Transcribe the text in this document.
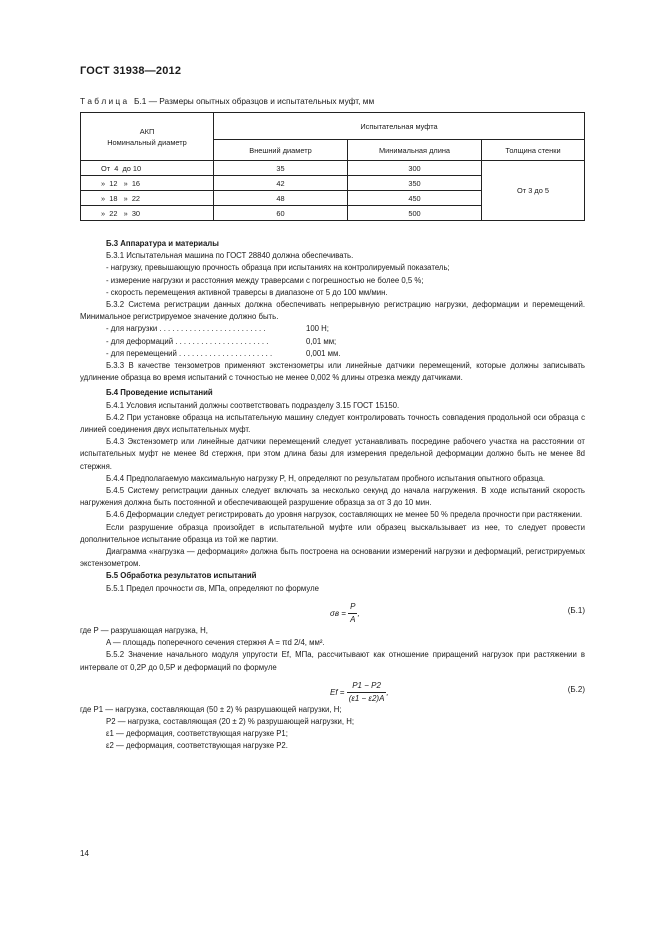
ГОСТ 31938—2012
Т а б л и ц а   Б.1 — Размеры опытных образцов и испытательных муфт, мм
АКП
Номинальный диаметр	Испытательная муфта		
	Внешний диаметр	Минимальная длина	Толщина стенки
От  4  до 10	35	300	От 3 до 5
»  12   »  16	42	350	
»  18   »  22	48	450	
»  22   »  30	60	500	

Б.3 Аппаратура и материалы

Б.3.1 Испытательная машина по ГОСТ 28840 должна обеспечивать.

- нагрузку, превышающую прочность образца при испытаниях на контролируемый показатель;

- измерение нагрузки и расстояния между траверсами с погрешностью не более 0,5 %;

- скорость перемещения активной траверсы в диапазоне от 5 до 100 мм/мин.

Б.3.2 Система регистрации данных должна обеспечивать непрерывную регистрацию нагрузки, деформации и перемещений. Минимальное регистрируемое значение должно быть.

- для нагрузки . . . . . . . . . . . . . . . . . . . . . . . . .	100 Н;
- для деформаций . . . . . . . . . . . . . . . . . . . . . .	0,01 мм;
- для перемещений . . . . . . . . . . . . . . . . . . . . . .	0,001 мм.

Б.3.3 В качестве тензометров применяют экстензометры или линейные датчики перемещений, которые должны записывать удлинение образца во время испытаний с точностью не менее 0,002 % длины отрезка между датчиками.

Б.4 Проведение испытаний

Б.4.1 Условия испытаний должны соответствовать подразделу 3.15 ГОСТ 15150.

Б.4.2 При установке образца на испытательную машину следует контролировать точность совпадения продольной оси образца с линией соединения двух испытательных муфт.

Б.4.3 Экстензометр или линейные датчики перемещений следует устанавливать посредине рабочего участка на расстоянии от испытательных муфт не менее 8d стержня, при этом длина базы для измерения предельной деформации должно быть не менее 8d стержня.

Б.4.4 Предполагаемую максимальную нагрузку P, Н, определяют по результатам пробного испытания опытного образца.

Б.4.5 Систему регистрации данных следует включать за несколько секунд до начала нагружения. В ходе испытаний скорость нагружения должна быть постоянной и обеспечивающей разрушение образца за от 3 до 10 мин.

Б.4.6 Деформации следует регистрировать до уровня нагрузок, составляющих не менее 50 % предела прочности при растяжении.

Если разрушение образца произойдет в испытательной муфте или образец выскальзывает из нее, то следует провести дополнительное испытание образца из той же партии.

Диаграмма «нагрузка — деформация» должна быть построена на основании измерений нагрузки и деформаций, регистрируемых экстензометром.

Б.5 Обработка результатов испытаний

Б.5.1 Предел прочности σв, МПа, определяют по формуле

$\sigma в = \frac{P}{A}$ ,	(Б.1)

где P — разрушающая нагрузка, Н,

A — площадь поперечного сечения стержня A = πd 2/4, мм².

Б.5.2 Значение начального модуля упругости Ef, МПа, рассчитывают как отношение приращений нагрузок при растяжении в интервале от 0,2P до 0,5P и деформаций по формуле

$Ef = \frac{P1 - P2}{(\varepsilon 1 - \varepsilon 2)A}$ ,	(Б.2)

где P1 — нагрузка, составляющая (50 ± 2) % разрушающей нагрузки, Н;

P2 — нагрузка, составляющая (20 ± 2) % разрушающей нагрузки, Н;

ε1 — деформация, соответствующая нагрузке P1;

ε2 — деформация, соответствующая нагрузке P2.

14
